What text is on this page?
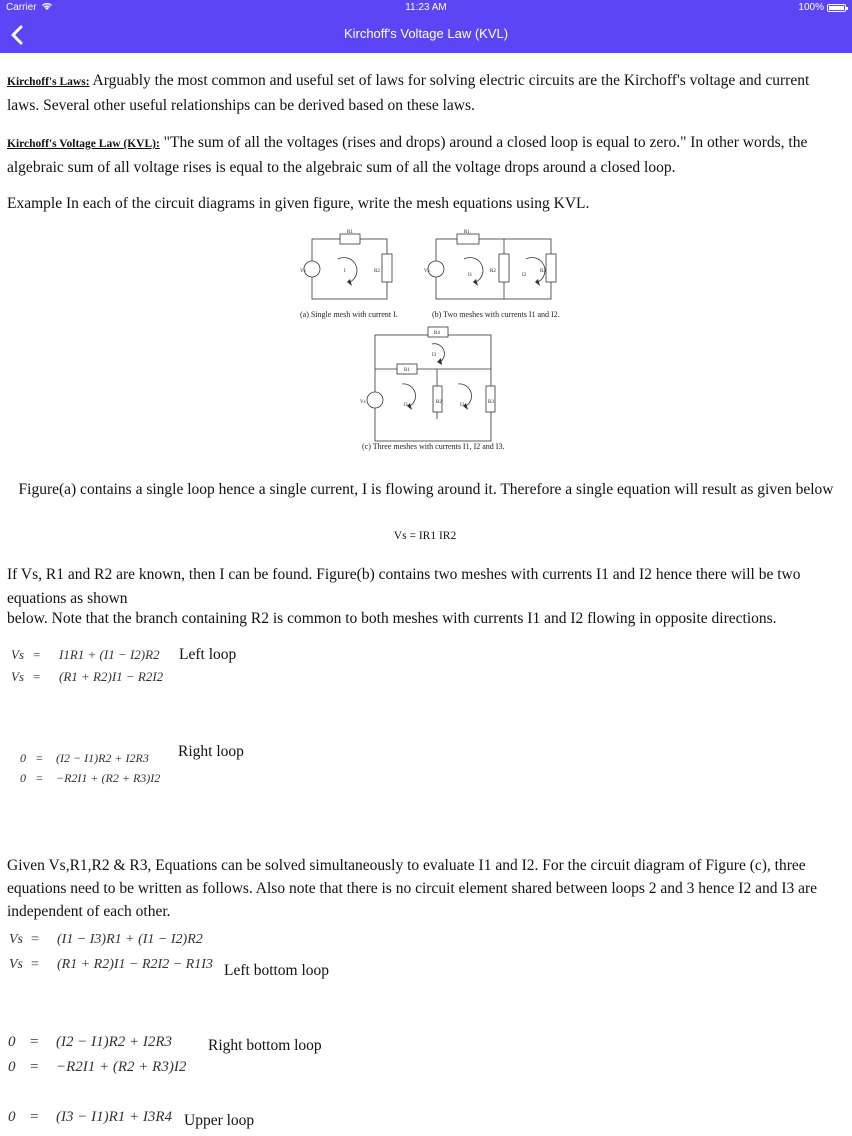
Carrier	11:23 AM	100%
Kirchoff's Voltage Law (KVL)
Kirchoff's Laws: Arguably the most common and useful set of laws for solving electric circuits are the Kirchoff's voltage and current laws. Several other useful relationships can be derived based on these laws.
Kirchoff's Voltage Law (KVL): "The sum of all the voltages (rises and drops) around a closed loop is equal to zero." In other words, the algebraic sum of all voltage rises is equal to the algebraic sum of all the voltage drops around a closed loop.
Example In each of the circuit diagrams in given figure, write the mesh equations using KVL.
R1
R2
Vs	I
R1
R2	R3
Vs
I1	I2
R4
R1
R2	R3
Vs
I1	I2
I3
(a) Single mesh with current I.	(b) Two meshes with currents I1 and I2.
(c) Three meshes with currents I1, I2 and I3.
Figure(a) contains a single loop hence a single current, I is flowing around it. Therefore a single equation will result as given below
Vs = IR1 IR2
If Vs, R1 and R2 are known, then I can be found. Figure(b) contains two meshes with currents I1 and I2 hence there will be two equations as shown
below. Note that the branch containing R2 is common to both meshes with currents I1 and I2 flowing in opposite directions.
Vs = I1R1 + (I1 − I2)R2 Left loop
Vs = (R1 + R2)I1 − R2I2
0 = (I2 − I1)R2 + I2R3 Right loop
0 = −R2I1 + (R2 + R3)I2
Given Vs,R1,R2 & R3, Equations can be solved simultaneously to evaluate I1 and I2. For the circuit diagram of Figure (c), three equations need to be written as follows. Also note that there is no circuit element shared between loops 2 and 3 hence I2 and I3 are independent of each other.
Vs = (I1 − I3)R1 + (I1 − I2)R2
Vs = (R1 + R2)I1 − R2I2 − R1I3 Left bottom loop
0 = (I2 − I1)R2 + I2R3 Right bottom loop
0 = −R2I1 + (R2 + R3)I2
0 = (I3 − I1)R1 + I3R4 Upper loop
